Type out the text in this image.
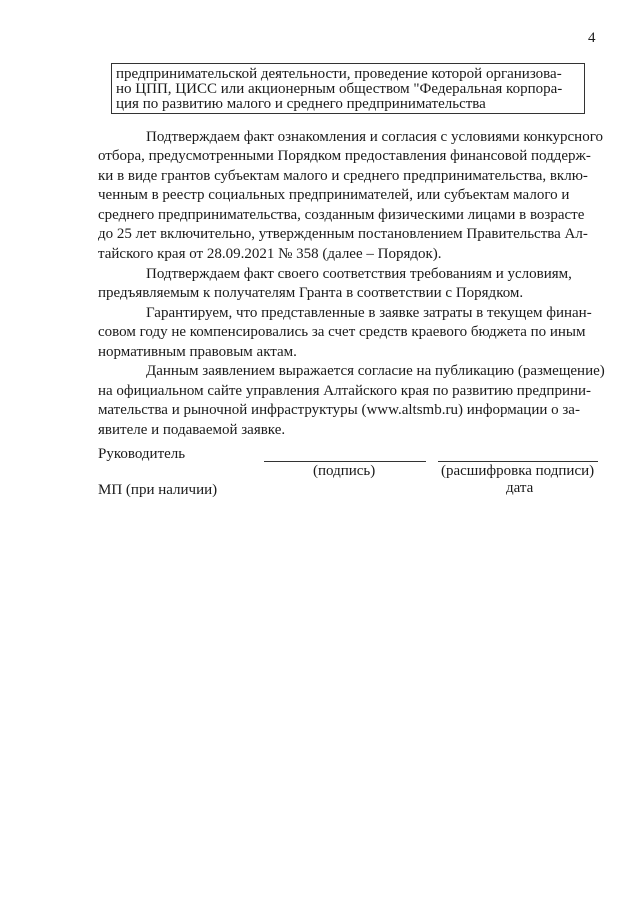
4
предпринимательской деятельности, проведение которой организова-
но ЦПП, ЦИСС или акционерным обществом "Федеральная корпора-
ция по развитию малого и среднего предпринимательства
Подтверждаем факт ознакомления и согласия с условиями конкурсного
отбора, предусмотренными Порядком предоставления финансовой поддерж-
ки в виде грантов субъектам малого и среднего предпринимательства, вклю-
ченным в реестр социальных предпринимателей, или субъектам малого и
среднего предпринимательства, созданным физическими лицами в возрасте
до 25 лет включительно, утвержденным постановлением Правительства Ал-
тайского края от 28.09.2021 № 358 (далее – Порядок).
Подтверждаем факт своего соответствия требованиям и условиям,
предъявляемым к получателям Гранта в соответствии с Порядком.
Гарантируем, что представленные в заявке затраты в текущем финан-
совом году не компенсировались за счет средств краевого бюджета по иным
нормативным правовым актам.
Данным заявлением выражается согласие на публикацию (размещение)
на официальном сайте управления Алтайского края по развитию предприни-
мательства и рыночной инфраструктуры (www.altsmb.ru) информации о за-
явителе и подаваемой заявке.
Руководитель
(подпись)	(расшифровка подписи)
МП (при наличии)	дата
